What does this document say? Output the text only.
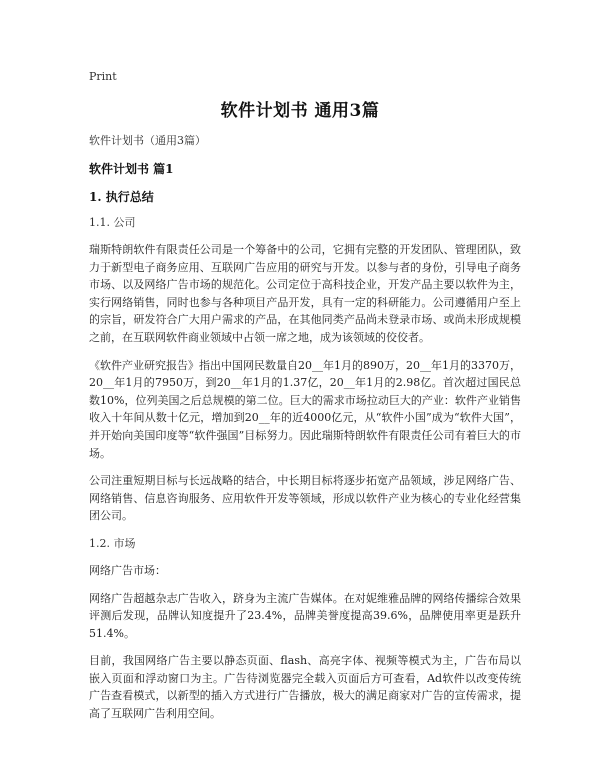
Print
软件计划书 通用3篇

软件计划书（通用3篇）

软件计划书 篇1

1. 执行总结

1.1. 公司

瑞斯特朗软件有限责任公司是一个筹备中的公司，它拥有完整的开发团队、管理团队，致力于新型电子商务应用、互联网广告应用的研究与开发。以参与者的身份，引导电子商务市场、以及网络广告市场的规范化。公司定位于高科技企业，开发产品主要以软件为主，实行网络销售，同时也参与各种项目产品开发，具有一定的科研能力。公司遵循用户至上的宗旨，研发符合广大用户需求的产品，在其他同类产品尚未登录市场、或尚未形成规模之前，在互联网软件商业领域中占领一席之地，成为该领域的佼佼者。

《软件产业研究报告》指出中国网民数量自20__年1月的890万，20__年1月的3370万，20__年1月的7950万，到20__年1月的1.37亿，20__年1月的2.98亿。首次超过国民总数10%，位列美国之后总规模的第二位。巨大的需求市场拉动巨大的产业：软件产业销售收入十年间从数十亿元，增加到20__年的近4000亿元，从“软件小国”成为“软件大国”，并开始向美国印度等“软件强国”目标努力。因此瑞斯特朗软件有限责任公司有着巨大的市场。

公司注重短期目标与长远战略的结合，中长期目标将逐步拓宽产品领域，涉足网络广告、网络销售、信息咨询服务、应用软件开发等领域，形成以软件产业为核心的专业化经营集团公司。

1.2. 市场

网络广告市场：

网络广告超越杂志广告收入，跻身为主流广告媒体。在对妮维雅品牌的网络传播综合效果评测后发现，品牌认知度提升了23.4%，品牌美誉度提高39.6%，品牌使用率更是跃升51.4%。

目前，我国网络广告主要以静态页面、flash、高亮字体、视频等模式为主，广告布局以嵌入页面和浮动窗口为主。广告待浏览器完全载入页面后方可查看，Ad软件以改变传统广告查看模式，以新型的插入方式进行广告播放，极大的满足商家对广告的宣传需求，提高了互联网广告利用空间。
